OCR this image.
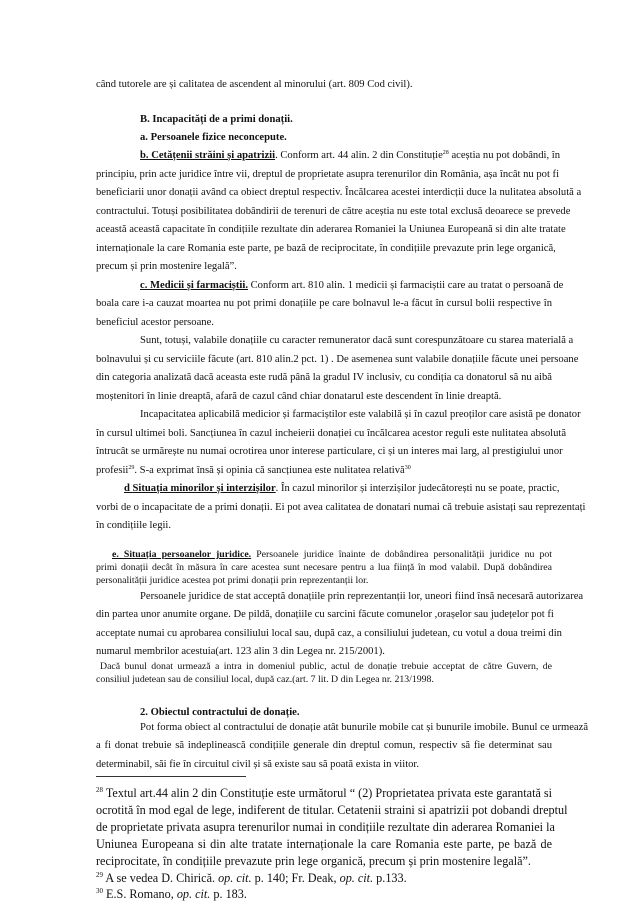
când tutorele are și calitatea de ascendent al minorului (art. 809 Cod civil).
B. Incapacități de a primi donații.
a. Persoanele fizice neconcepute.
b. Cetățenii străini și apatrizii. Conform art. 44 alin. 2 din Constituție$^{28}$ aceștia nu pot dobândi, în
principiu, prin acte juridice între vii, dreptul de proprietate asupra terenurilor din România, așa încât nu pot fi
beneficiarii unor donații având ca obiect dreptul respectiv. Încălcarea acestei interdicții duce la nulitatea absolută a
contractului. Totuși posibilitatea dobândirii de terenuri de către aceștia nu este total exclusă deoarece se prevede
această această capacitate în condițiile rezultate din aderarea Romaniei la Uniunea Europeană si din alte tratate
internaționale la care Romania este parte, pe bază de reciprocitate, în condițiile prevazute prin lege organică,
precum și prin mostenire legală”.
c. Medicii și farmaciștii. Conform art. 810 alin. 1 medicii și farmaciștii care au tratat o persoană de
boala care i-a cauzat moartea nu pot primi donațiile pe care bolnavul le-a făcut în cursul bolii respective în
beneficiul acestor persoane.
Sunt, totuși, valabile donațiile cu caracter remunerator dacă sunt corespunzătoare cu starea materială a
bolnavului și cu serviciile făcute (art. 810 alin.2 pct. 1) . De asemenea sunt valabile donațiile făcute unei persoane
din categoria analizată dacă aceasta este rudă până la gradul IV inclusiv, cu condiția ca donatorul să nu aibă
moștenitori în linie dreaptă, afară de cazul când chiar donatarul este descendent în linie dreaptă.
Incapacitatea aplicabilă medicior și farmaciștilor este valabilă și în cazul preoților care asistă pe donator
în cursul ultimei boli. Sancțiunea în cazul incheierii donației cu încălcarea acestor reguli este nulitatea absolută
întrucât se urmărește nu numai ocrotirea unor interese particulare, ci și un interes mai larg, al prestigiului unor
profesii$^{29}$. S-a exprimat însă și opinia că sancțiunea este nulitatea relativă$^{30}$
d Situația minorilor și interzișilor. În cazul minorilor și interzișilor judecătorești nu se poate, practic,
vorbi de o incapacitate de a primi donații. Ei pot avea calitatea de donatari numai că trebuie asistați sau reprezentați
în condițiile legii.
e. Situația persoanelor juridice. Persoanele juridice înainte de dobândirea personalității juridice nu pot
primi donații decât în măsura în care acestea sunt necesare pentru a lua ființă în mod valabil. După dobândirea
personalității juridice acestea pot primi donații prin reprezentanții lor.
Persoanele juridice de stat acceptă donațiile prin reprezentanții lor, uneori fiind însă necesară autorizarea
din partea unor anumite organe. De pildă, donațiile cu sarcini făcute comunelor ,orașelor sau județelor pot fi
acceptate numai cu aprobarea consiliului local sau, după caz, a consiliului judetean, cu votul a doua treimi din
numarul membrilor acestuia(art. 123 alin 3 din Legea nr. 215/2001).
Dacă bunul donat urmează a intra in domeniul public, actul de donație trebuie acceptat de către Guvern, de
consiliul judetean sau de consiliul local, după caz.(art. 7 lit. D din Legea nr. 213/1998.
2. Obiectul contractului de donație.
Pot forma obiect al contractului de donație atât bunurile mobile cat și bunurile imobile. Bunul ce urmează
a fi donat trebuie să indeplinească condițiile generale din dreptul comun, respectiv să fie determinat sau
determinabil, săi fie în circuitul civil și să existe sau să poată exista in viitor.
$^{28}$ Textul art.44 alin 2 din Constituție este următorul “ (2) Proprietatea privata este garantată si
ocrotită în mod egal de lege, indiferent de titular. Cetatenii straini si apatrizii pot dobandi dreptul
de proprietate privata asupra terenurilor numai in condițiile rezultate din aderarea Romaniei la
Uniunea Europeana si din alte tratate internaționale la care Romania este parte, pe bază de
reciprocitate, în condițiile prevazute prin lege organică, precum și prin mostenire legală”.
$^{29}$ A se vedea D. Chirică. op. cit. p. 140; Fr. Deak, op. cit. p.133.
$^{30}$ E.S. Romano, op. cit. p. 183.
